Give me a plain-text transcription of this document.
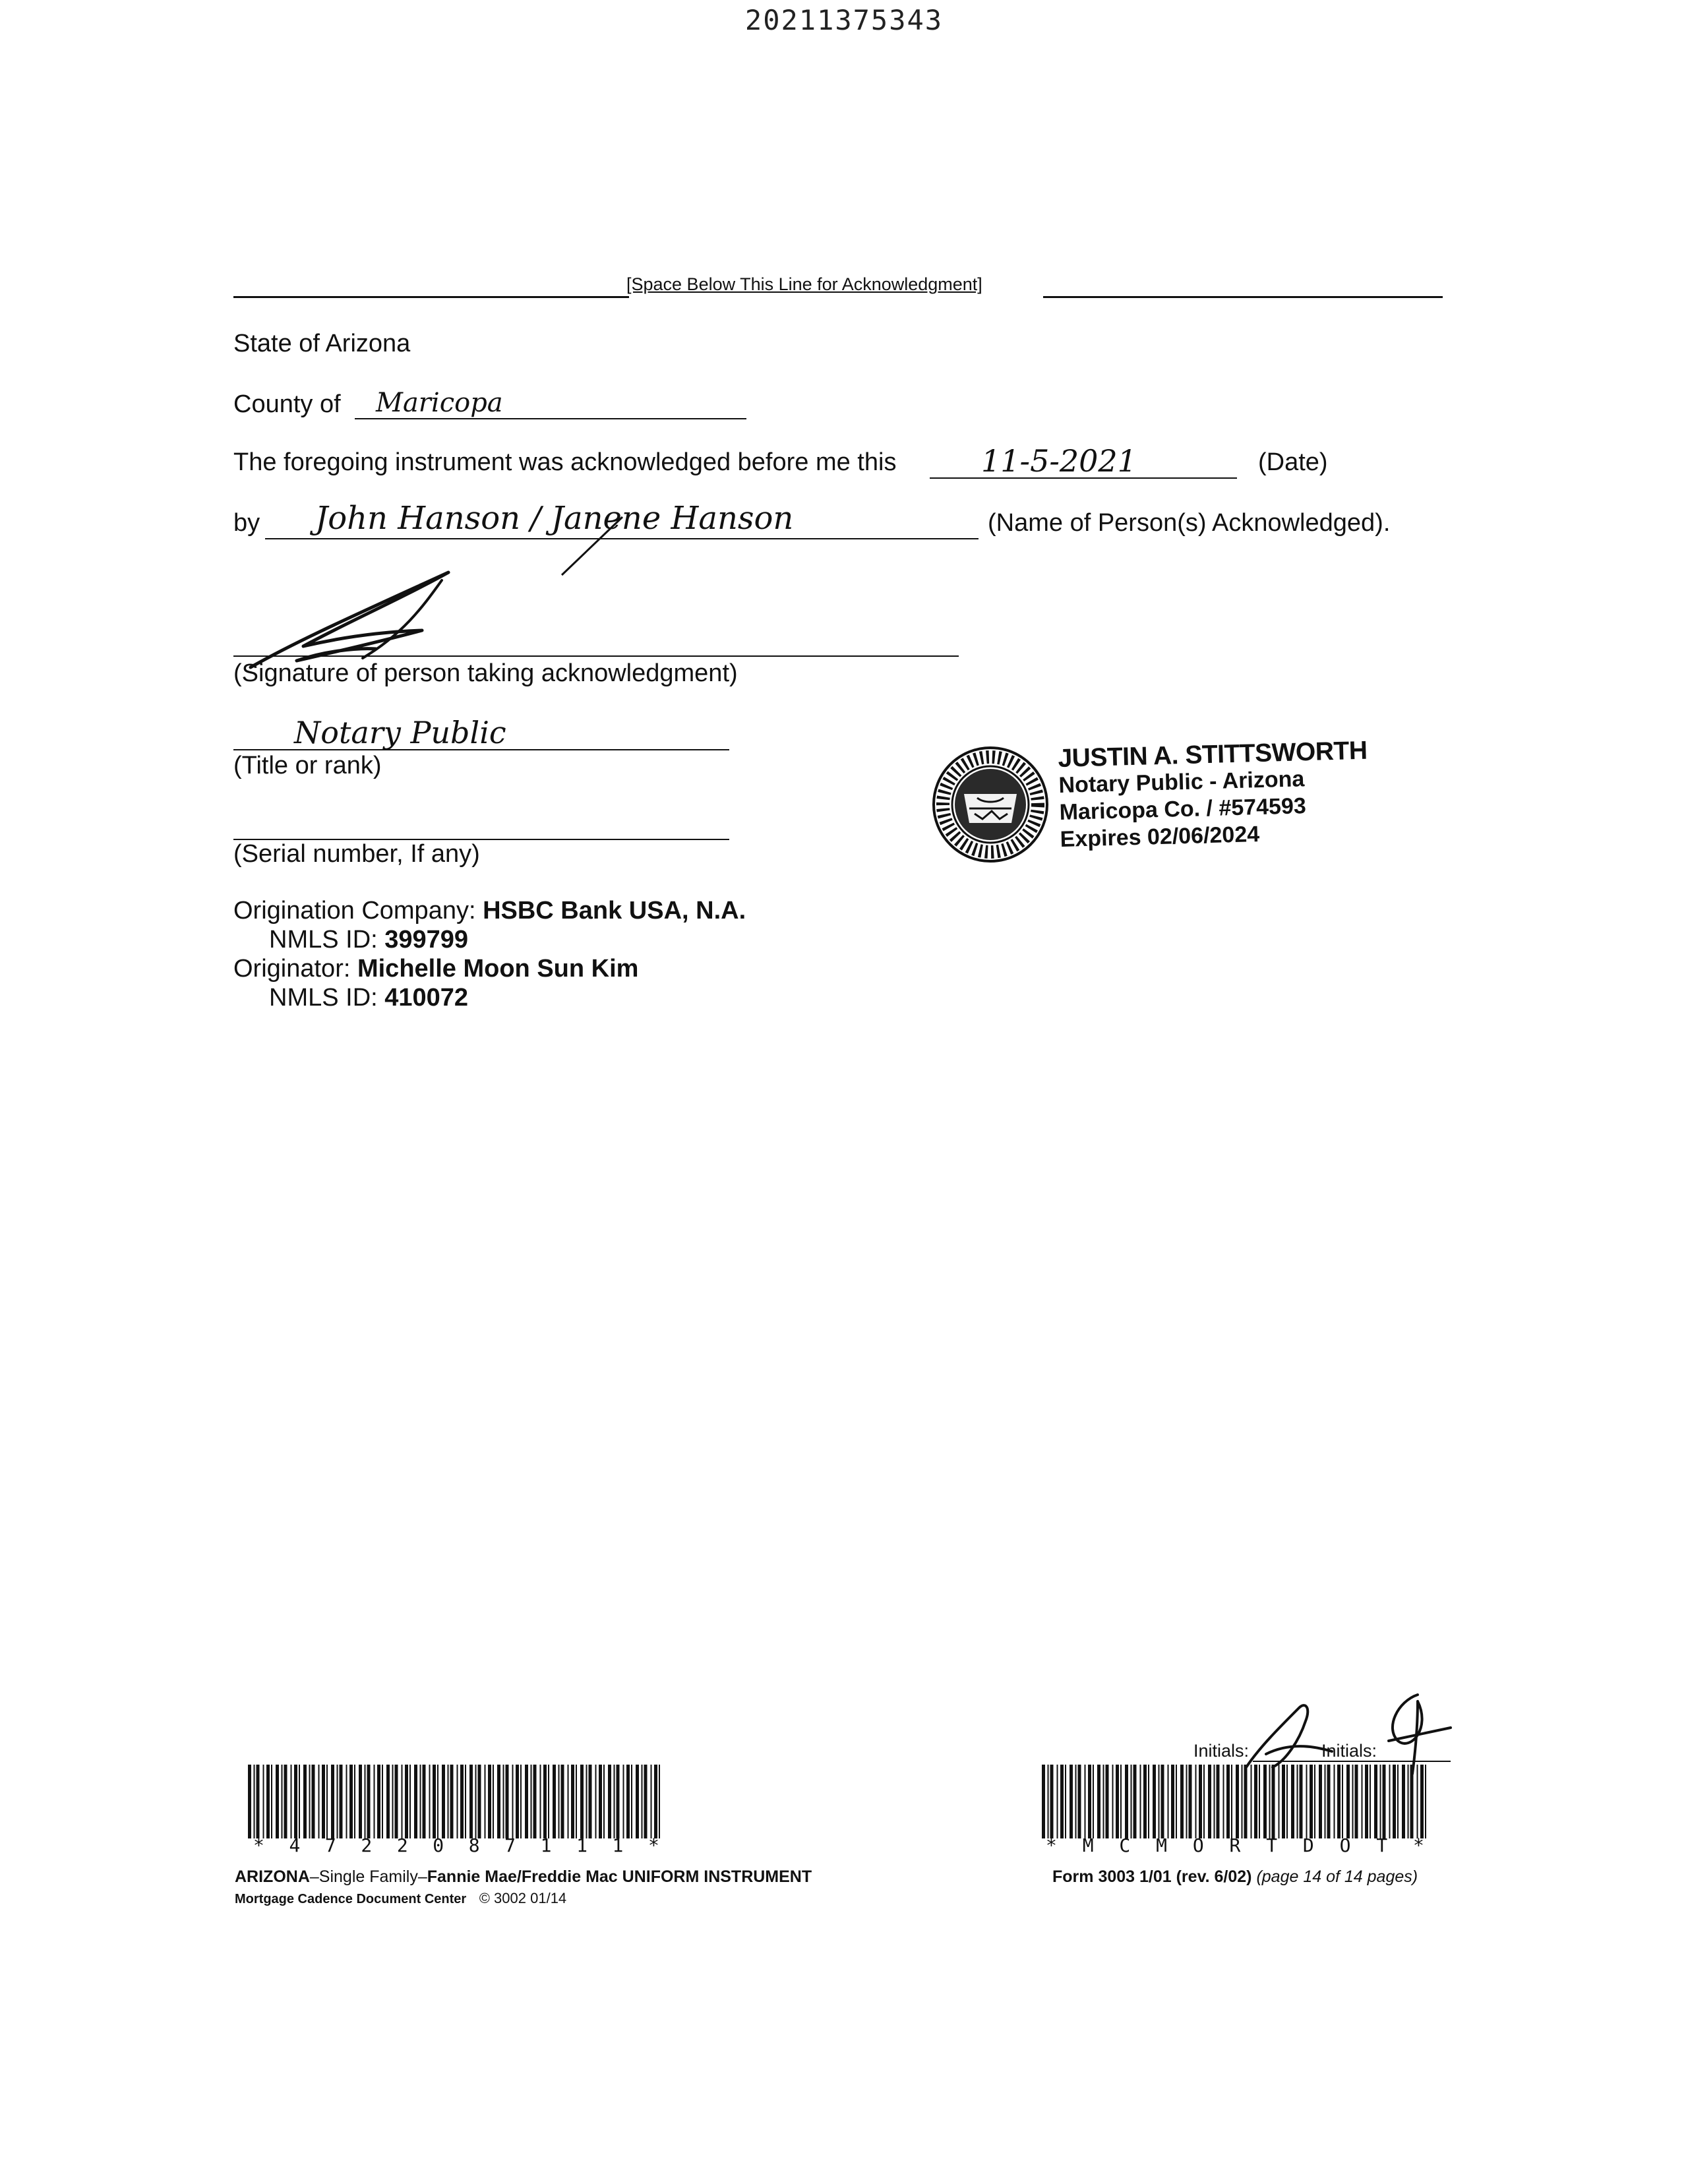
20211375343
[Space Below This Line for Acknowledgment]
State of Arizona
County of Maricopa
The foregoing instrument was acknowledged before me this	11-5-2021	(Date)
by John Hanson / Janene Hanson	(Name of Person(s) Acknowledged).
(Signature of person taking acknowledgment)
Notary Public
(Title or rank)
(Serial number, If any)
JUSTIN A. STITTSWORTH
Notary Public - Arizona
Maricopa Co. / #574593
Expires 02/06/2024
Origination Company: HSBC Bank USA, N.A.
NMLS ID: 399799
Originator: Michelle Moon Sun Kim
NMLS ID: 410072
* 4 7 2 2 0 8 7 1 1 1 *
ARIZONA–Single Family–Fannie Mae/Freddie Mac UNIFORM INSTRUMENT
Mortgage Cadence Document Center © 3002 01/14
Initials:	Initials:
* M C M O R T D O T *
Form 3003 1/01 (rev. 6/02) (page 14 of 14 pages)
